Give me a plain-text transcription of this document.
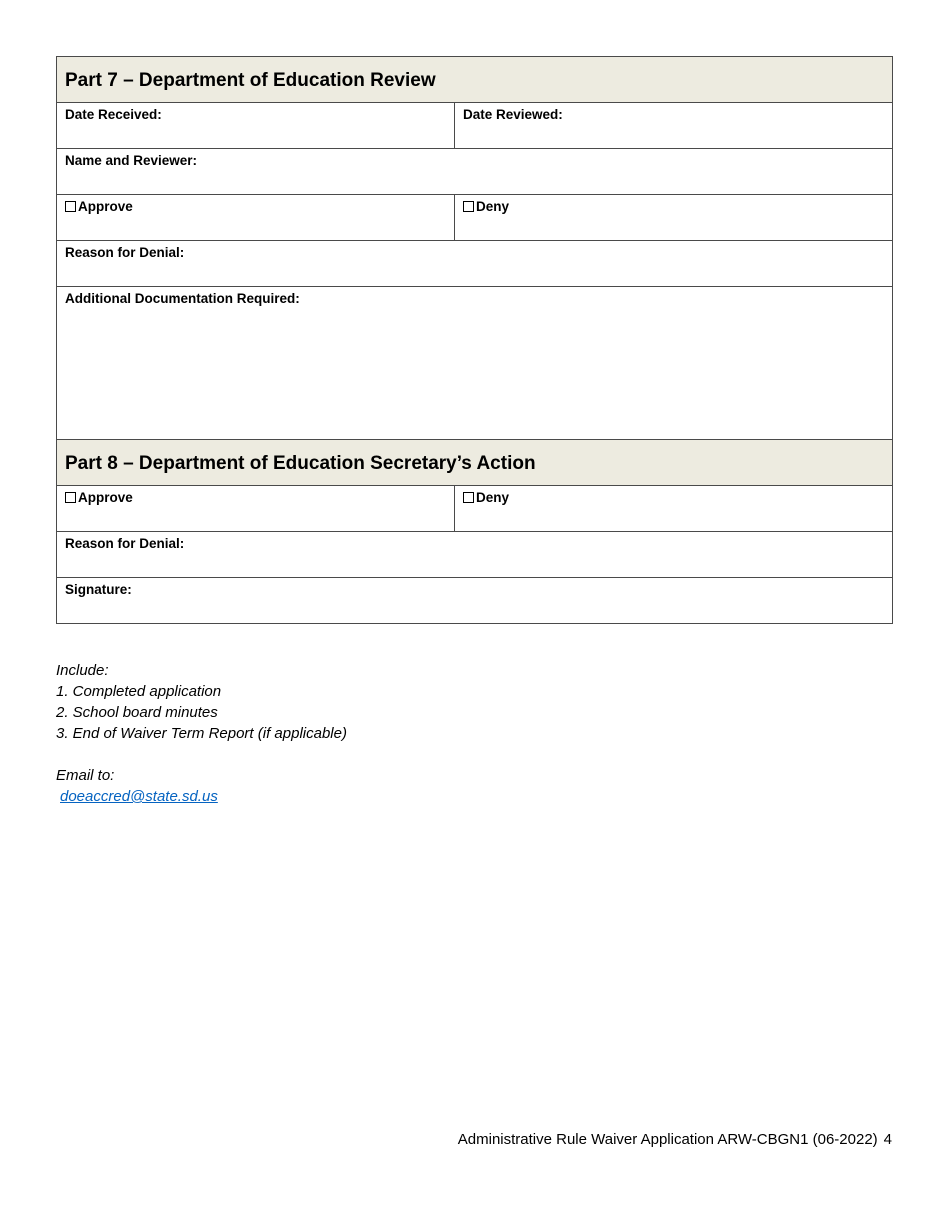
Part 7 – Department of Education Review	
Date Received:	Date Reviewed:
Name and Reviewer:	
Approve	Deny
Reason for Denial:	
Additional Documentation Required:	
Part 8 – Department of Education Secretary’s Action	
Approve	Deny
Reason for Denial:	
Signature:	
Include:
1. Completed application
2. School board minutes
3. End of Waiver Term Report (if applicable)
Email to:
doeaccred@state.sd.us
Administrative Rule Waiver Application ARW-CBGN1 (06-2022) 4
